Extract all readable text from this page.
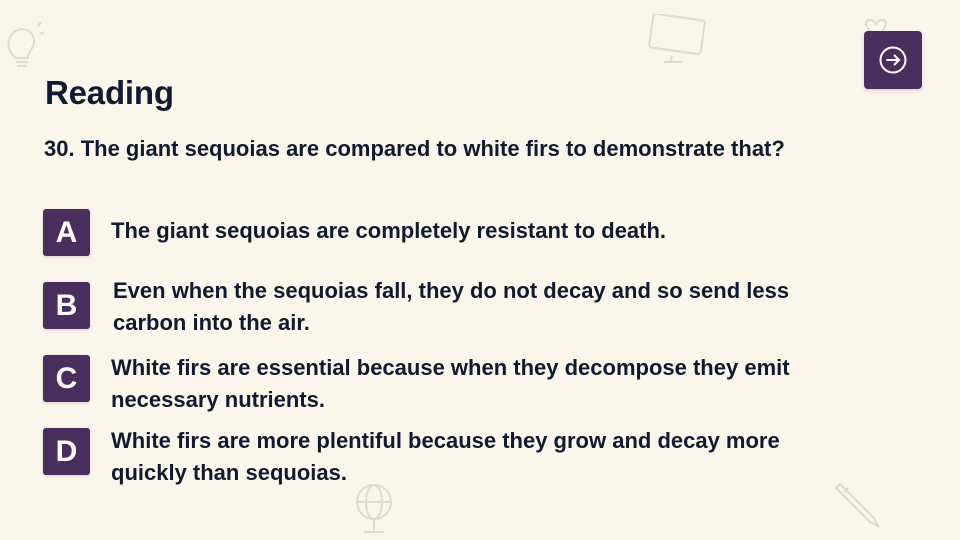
Reading

30. The giant sequoias are compared to white firs to demonstrate that?

A	The giant sequoias are completely resistant to death.
B	Even when the sequoias fall, they do not decay and so send less carbon into the air.
C	White firs are essential because when they decompose they emit necessary nutrients.
D	White firs are more plentiful because they grow and decay more quickly than sequoias.
